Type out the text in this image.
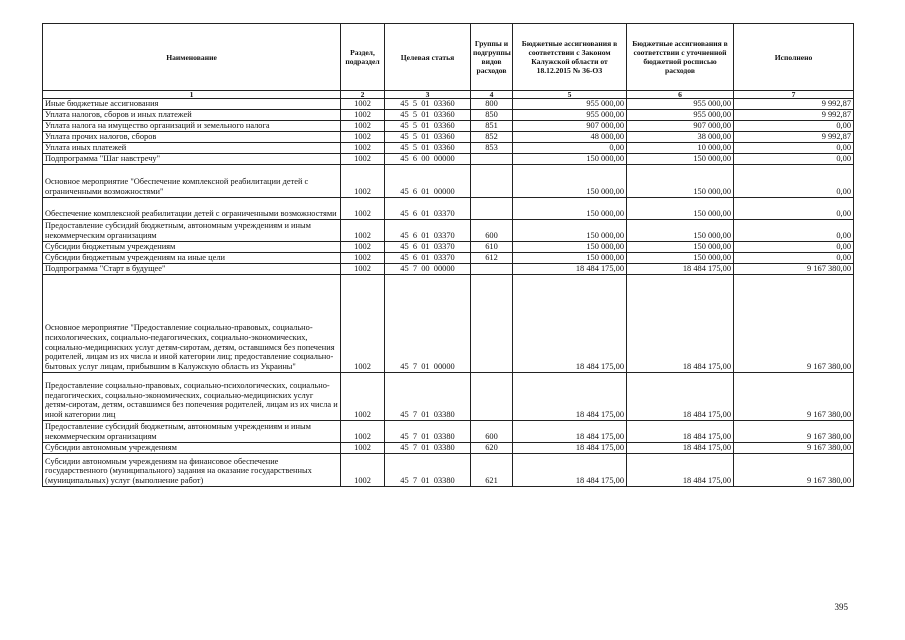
Наименование	Раздел, подраздел	Целевая статья	Группы и подгруппы видов расходов	Бюджетные ассигнования в соответствии с Законом Калужской области от 18.12.2015 № 36-ОЗ	Бюджетные ассигнования в соответствии с уточненной бюджетной росписью расходов	Исполнено
1	2	3	4	5	6	7
Иные бюджетные ассигнования	1002	45  5  01  03360	800	955 000,00	955 000,00	9 992,87
Уплата налогов, сборов и иных платежей	1002	45  5  01  03360	850	955 000,00	955 000,00	9 992,87
Уплата налога на имущество организаций и земельного налога	1002	45  5  01  03360	851	907 000,00	907 000,00	0,00
Уплата прочих налогов, сборов	1002	45  5  01  03360	852	48 000,00	38 000,00	9 992,87
Уплата иных платежей	1002	45  5  01  03360	853	0,00	10 000,00	0,00
Подпрограмма "Шаг навстречу"	1002	45  6  00  00000		150 000,00	150 000,00	0,00
Основное мероприятие "Обеспечение комплексной реабилитации детей с ограниченными возможностями"	1002	45  6  01  00000		150 000,00	150 000,00	0,00
Обеспечение комплексной реабилитации детей с ограниченными возможностями	1002	45  6  01  03370		150 000,00	150 000,00	0,00
Предоставление субсидий бюджетным, автономным учреждениям и иным некоммерческим организациям	1002	45  6  01  03370	600	150 000,00	150 000,00	0,00
Субсидии бюджетным учреждениям	1002	45  6  01  03370	610	150 000,00	150 000,00	0,00
Субсидии бюджетным учреждениям на иные цели	1002	45  6  01  03370	612	150 000,00	150 000,00	0,00
Подпрограмма "Старт в будущее"	1002	45  7  00  00000		18 484 175,00	18 484 175,00	9 167 380,00
Основное мероприятие "Предоставление социально-правовых, социально-психологических, социально-педагогических, социально-экономических, социально-медицинских услуг детям-сиротам, детям, оставшимся без попечения родителей, лицам из их числа и иной категории лиц; предоставление социально-бытовых услуг лицам, прибывшим в Калужскую область из Украины"	1002	45  7  01  00000		18 484 175,00	18 484 175,00	9 167 380,00
Предоставление социально-правовых, социально-психологических, социально-педагогических, социально-экономических, социально-медицинских услуг детям-сиротам, детям, оставшимся без попечения родителей, лицам из их числа и иной категории лиц	1002	45  7  01  03380		18 484 175,00	18 484 175,00	9 167 380,00
Предоставление субсидий бюджетным, автономным учреждениям и иным некоммерческим организациям	1002	45  7  01  03380	600	18 484 175,00	18 484 175,00	9 167 380,00
Субсидии автономным учреждениям	1002	45  7  01  03380	620	18 484 175,00	18 484 175,00	9 167 380,00
Субсидии автономным учреждениям на финансовое обеспечение государственного (муниципального) задания на оказание государственных (муниципальных) услуг (выполнение работ)	1002	45  7  01  03380	621	18 484 175,00	18 484 175,00	9 167 380,00
395
